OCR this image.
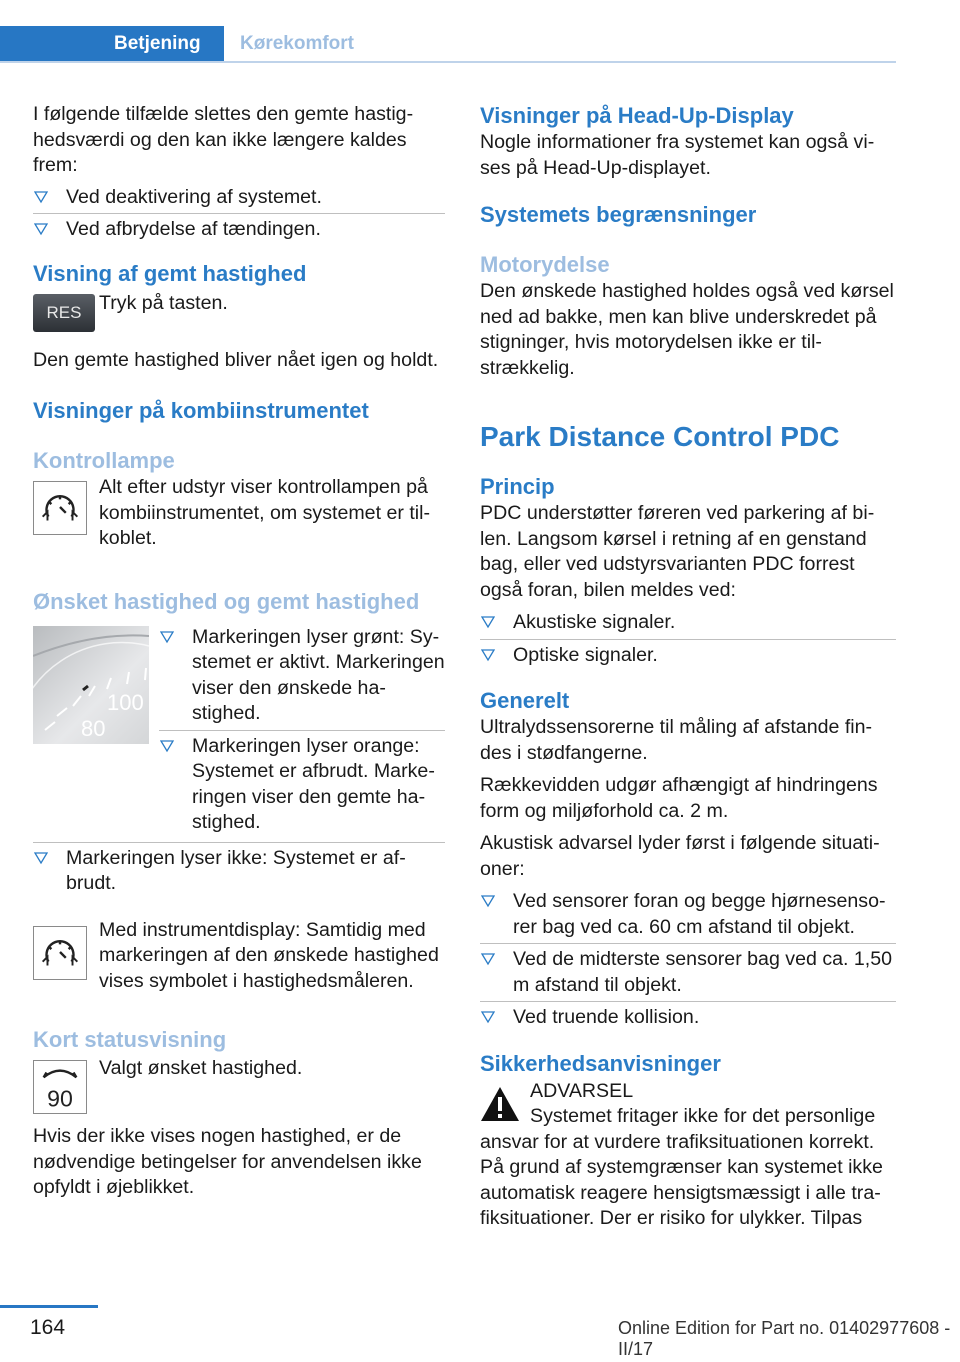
Betjening	Kørekomfort

I følgende tilfælde slettes den gemte hastighedsværdi og den kan ikke længere kaldes frem:

Ved deaktivering af systemet.
Ved afbrydelse af tændingen.
Visning af gemt hastighed
RES Tryk på tasten.

Den gemte hastighed bliver nået igen og holdt.

Visninger på kombiinstrumentet
Kontrollampe

Alt efter udstyr viser kontrollampen på kombiinstrumentet, om systemet er tilkoblet.

Ønsket hastighed og gemt hastighed
100
80
Markeringen lyser grønt: Systemet er aktivt. Markeringen viser den ønskede hastighed.
Markeringen lyser orange: Systemet er afbrudt. Markeringen viser den gemte hastighed.
Markeringen lyser ikke: Systemet er afbrudt.

Med instrumentdisplay: Samtidig med markeringen af den ønskede hastighed vises symbolet i hastighedsmåleren.

Kort statusvisning
90

Valgt ønsket hastighed.

Hvis der ikke vises nogen hastighed, er de nødvendige betingelser for anvendelsen ikke opfyldt i øjeblikket.

Visninger på Head-Up-Display

Nogle informationer fra systemet kan også vises på Head-Up-displayet.

Systemets begrænsninger
Motorydelse

Den ønskede hastighed holdes også ved kørsel ned ad bakke, men kan blive underskredet på stigninger, hvis motorydelsen ikke er tilstrækkelig.

Park Distance Control PDC
Princip

PDC understøtter føreren ved parkering af bilen. Langsom kørsel i retning af en genstand bag, eller ved udstyrsvarianten PDC forrest også foran, bilen meldes ved:

Akustiske signaler.
Optiske signaler.
Generelt

Ultralydssensorerne til måling af afstande findes i stødfangerne.

Rækkevidden udgør afhængigt af hindringens form og miljøforhold ca. 2 m.

Akustisk advarsel lyder først i følgende situationer:

Ved sensorer foran og begge hjørnesensorer bag ved ca. 60 cm afstand til objekt.
Ved de midterste sensorer bag ved ca. 1,50 m afstand til objekt.
Ved truende kollision.
Sikkerhedsanvisninger

ADVARSEL

Systemet fritager ikke for det personlige

ansvar for at vurdere trafiksituationen korrekt. På grund af systemgrænser kan systemet ikke automatisk reagere hensigtsmæssigt i alle trafiksituationer. Der er risiko for ulykker. Tilpas

164	Online Edition for Part no. 01402977608 - II/17
